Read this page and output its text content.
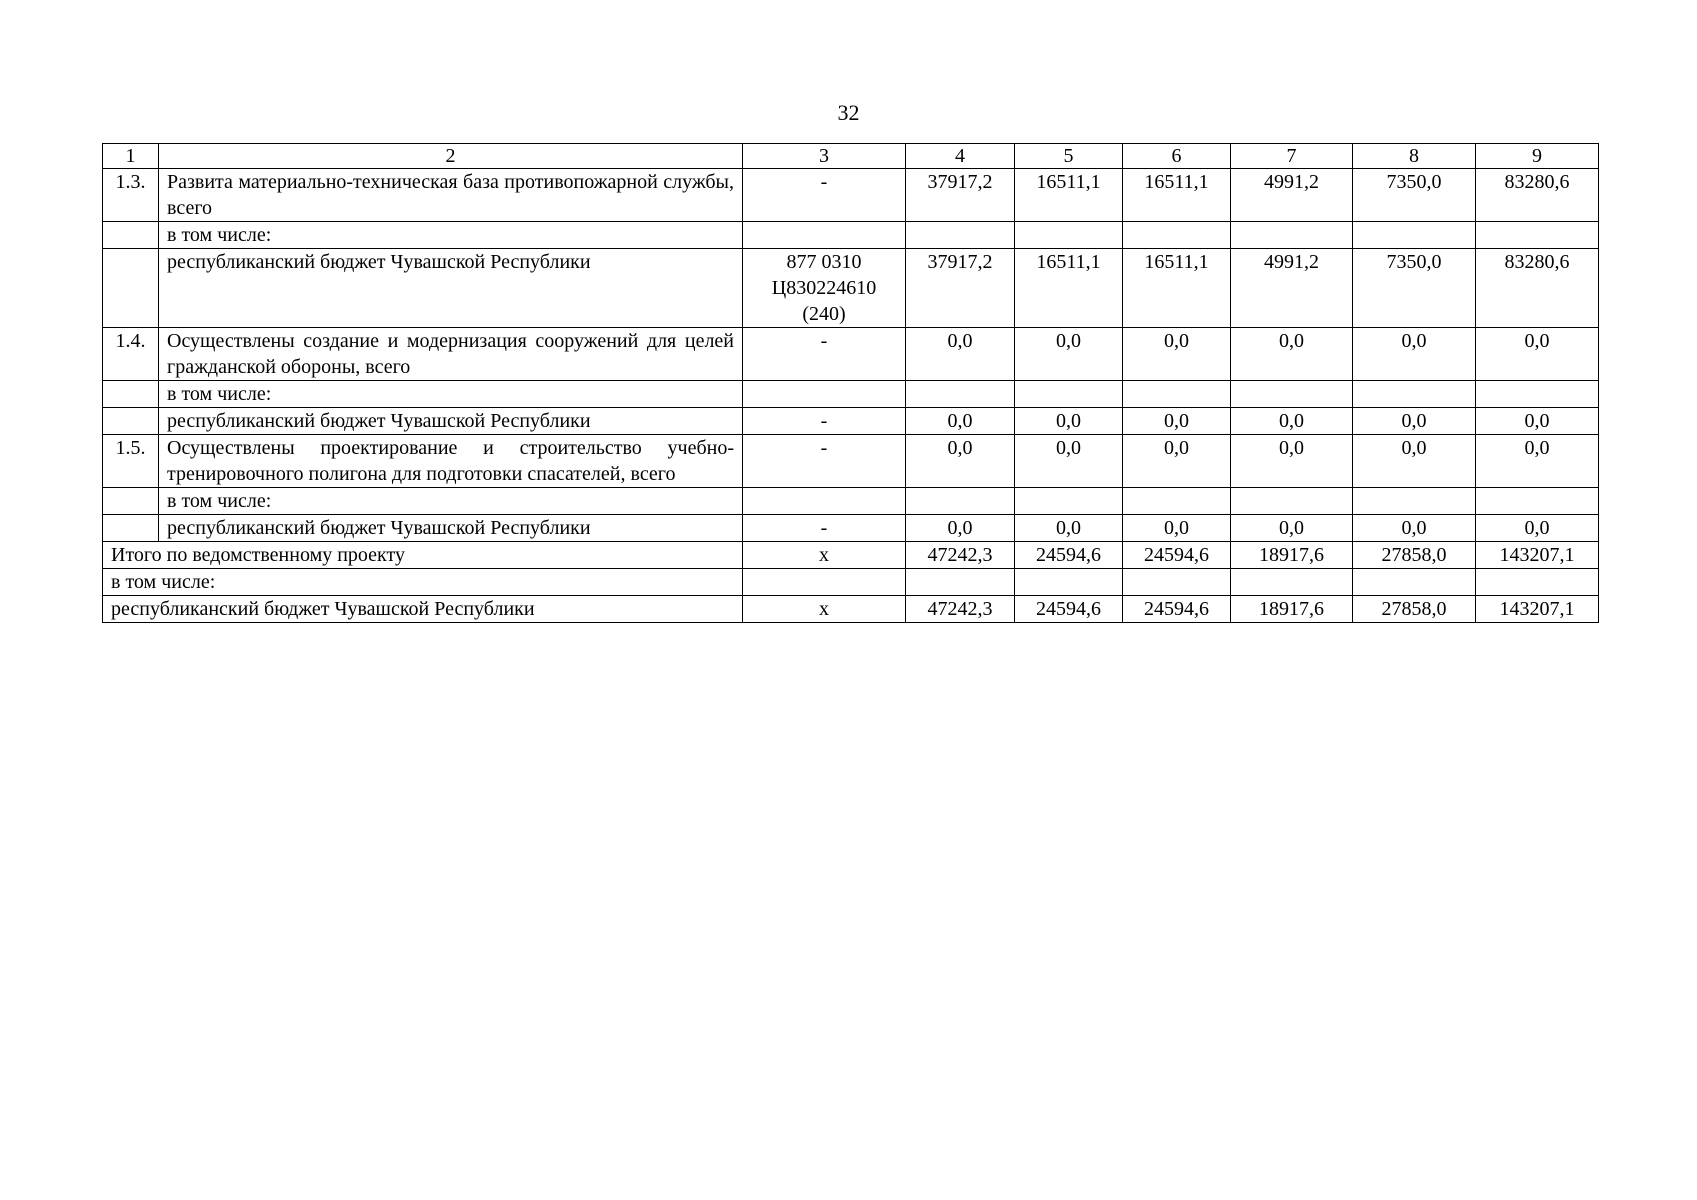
32
1	2	3	4	5	6	7	8	9
1.3.	Развита материально-техническая база противопожарной службы, всего	-	37917,2	16511,1	16511,1	4991,2	7350,0	83280,6
	в том числе:							
	республиканский бюджет Чувашской Республики	877 0310
Ц830224610
(240)	37917,2	16511,1	16511,1	4991,2	7350,0	83280,6
1.4.	Осуществлены создание и модернизация сооружений для целей гражданской обороны, всего	-	0,0	0,0	0,0	0,0	0,0	0,0
	в том числе:							
	республиканский бюджет Чувашской Республики	-	0,0	0,0	0,0	0,0	0,0	0,0
1.5.	Осуществлены проектирование и строительство учебно-тренировочного полигона для подготовки спасателей, всего	-	0,0	0,0	0,0	0,0	0,0	0,0
	в том числе:							
	республиканский бюджет Чувашской Республики	-	0,0	0,0	0,0	0,0	0,0	0,0
Итого по ведомственному проекту		x	47242,3	24594,6	24594,6	18917,6	27858,0	143207,1
в том числе:								
республиканский бюджет Чувашской Республики		x	47242,3	24594,6	24594,6	18917,6	27858,0	143207,1
